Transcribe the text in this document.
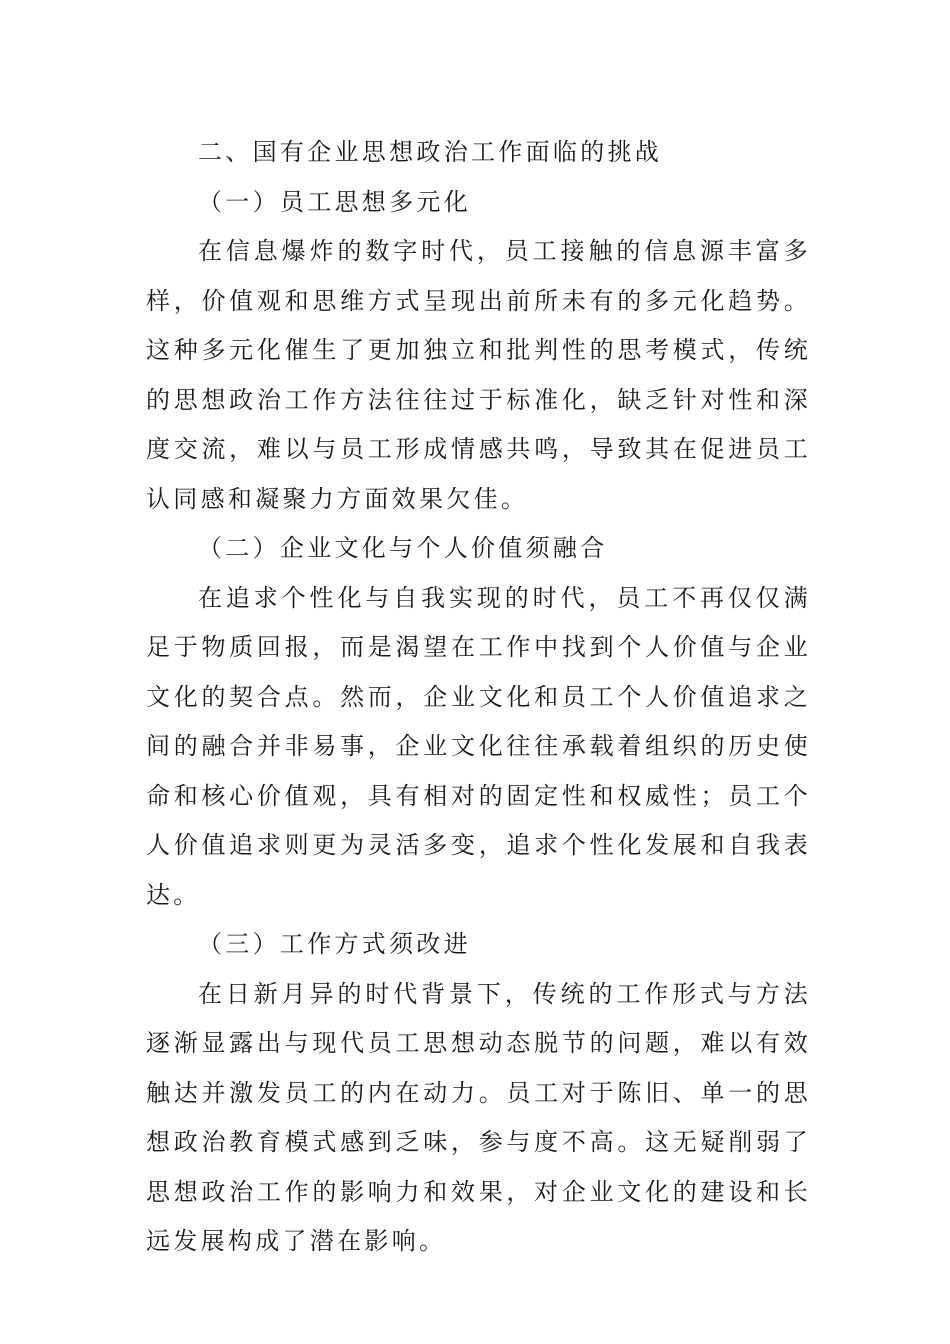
二、国有企业思想政治工作面临的挑战
（一）员工思想多元化

在信息爆炸的数字时代，员工接触的信息源丰富多样，价值观和思维方式呈现出前所未有的多元化趋势。这种多元化催生了更加独立和批判性的思考模式，传统的思想政治工作方法往往过于标准化，缺乏针对性和深度交流，难以与员工形成情感共鸣，导致其在促进员工认同感和凝聚力方面效果欠佳。

（二）企业文化与个人价值须融合

在追求个性化与自我实现的时代，员工不再仅仅满足于物质回报，而是渴望在工作中找到个人价值与企业文化的契合点。然而，企业文化和员工个人价值追求之间的融合并非易事，企业文化往往承载着组织的历史使命和核心价值观，具有相对的固定性和权威性；员工个人价值追求则更为灵活多变，追求个性化发展和自我表达。

（三）工作方式须改进

在日新月异的时代背景下，传统的工作形式与方法逐渐显露出与现代员工思想动态脱节的问题，难以有效触达并激发员工的内在动力。员工对于陈旧、单一的思想政治教育模式感到乏味，参与度不高。这无疑削弱了思想政治工作的影响力和效果，对企业文化的建设和长远发展构成了潜在影响。
